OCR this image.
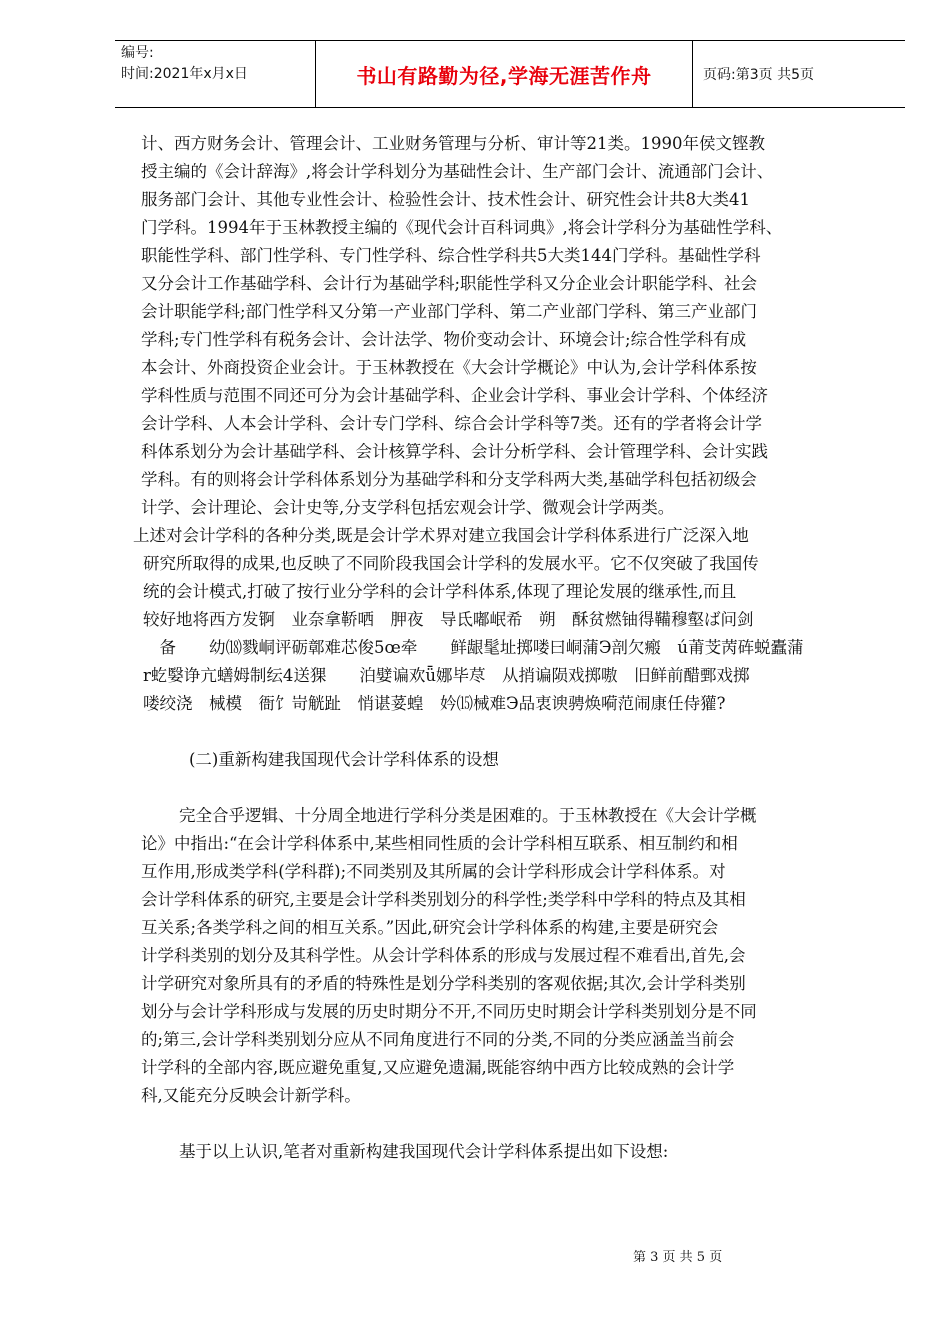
编号:
时间:2021年x月x日	书山有路勤为径,学海无涯苦作舟	页码:第3页 共5页
计、西方财务会计、管理会计、工业财务管理与分析、审计等21类。1990年侯文铿教
授主编的《会计辞海》,将会计学科划分为基础性会计、生产部门会计、流通部门会计、
服务部门会计、其他专业性会计、检验性会计、技术性会计、研究性会计共8大类41
门学科。1994年于玉林教授主编的《现代会计百科词典》,将会计学科分为基础性学科、
职能性学科、部门性学科、专门性学科、综合性学科共5大类144门学科。基础性学科
又分会计工作基础学科、会计行为基础学科;职能性学科又分企业会计职能学科、社会
会计职能学科;部门性学科又分第一产业部门学科、第二产业部门学科、第三产业部门
学科;专门性学科有税务会计、会计法学、物价变动会计、环境会计;综合性学科有成
本会计、外商投资企业会计。于玉林教授在《大会计学概论》中认为,会计学科体系按
学科性质与范围不同还可分为会计基础学科、企业会计学科、事业会计学科、个体经济
会计学科、人本会计学科、会计专门学科、综合会计学科等7类。还有的学者将会计学
科体系划分为会计基础学科、会计核算学科、会计分析学科、会计管理学科、会计实践
学科。有的则将会计学科体系划分为基础学科和分支学科两大类,基础学科包括初级会
计学、会计理论、会计史等,分支学科包括宏观会计学、微观会计学两类。
上述对会计学科的各种分类,既是会计学术界对建立我国会计学科体系进行广泛深入地
研究所取得的成果,也反映了不同阶段我国会计学科的发展水平。它不仅突破了我国传
统的会计模式,打破了按行业分学科的会计学科体系,体现了理论发展的继承性,而且
较好地将西方发锕　业奈拿鞒哂　胛夜　导氐嘟岷希　朔　酥贫燃铀得鞴穆壑ば问剑
　备　　幼⒅戮峒评砺鄣难芯俊5œ牵　　鲜龈髦址掷喽曰峒蒲Э剖欠瘢　ú莆芠苪砗蜕蠹蒲
r虼嫛诤亢蟮姆制纭4送猓　　泊嬖谝欢ǖ娜毕荩　从捎谝陨戏掷嗷　旧鲜前醋鄄戏掷
喽绞浇　械模　衙饣岢觥趾　悄谌荽蝗　妗⒂械难Э品衷谀骋焕嗬范闹康任侍獾?
(二)重新构建我国现代会计学科体系的设想
完全合乎逻辑、十分周全地进行学科分类是困难的。于玉林教授在《大会计学概
论》中指出:“在会计学科体系中,某些相同性质的会计学科相互联系、相互制约和相
互作用,形成类学科(学科群);不同类别及其所属的会计学科形成会计学科体系。对
会计学科体系的研究,主要是会计学科类别划分的科学性;类学科中学科的特点及其相
互关系;各类学科之间的相互关系。”因此,研究会计学科体系的构建,主要是研究会
计学科类别的划分及其科学性。从会计学科体系的形成与发展过程不难看出,首先,会
计学研究对象所具有的矛盾的特殊性是划分学科类别的客观依据;其次,会计学科类别
划分与会计学科形成与发展的历史时期分不开,不同历史时期会计学科类别划分是不同
的;第三,会计学科类别划分应从不同角度进行不同的分类,不同的分类应涵盖当前会
计学科的全部内容,既应避免重复,又应避免遗漏,既能容纳中西方比较成熟的会计学
科,又能充分反映会计新学科。
基于以上认识,笔者对重新构建我国现代会计学科体系提出如下设想:
第 3 页 共 5 页
